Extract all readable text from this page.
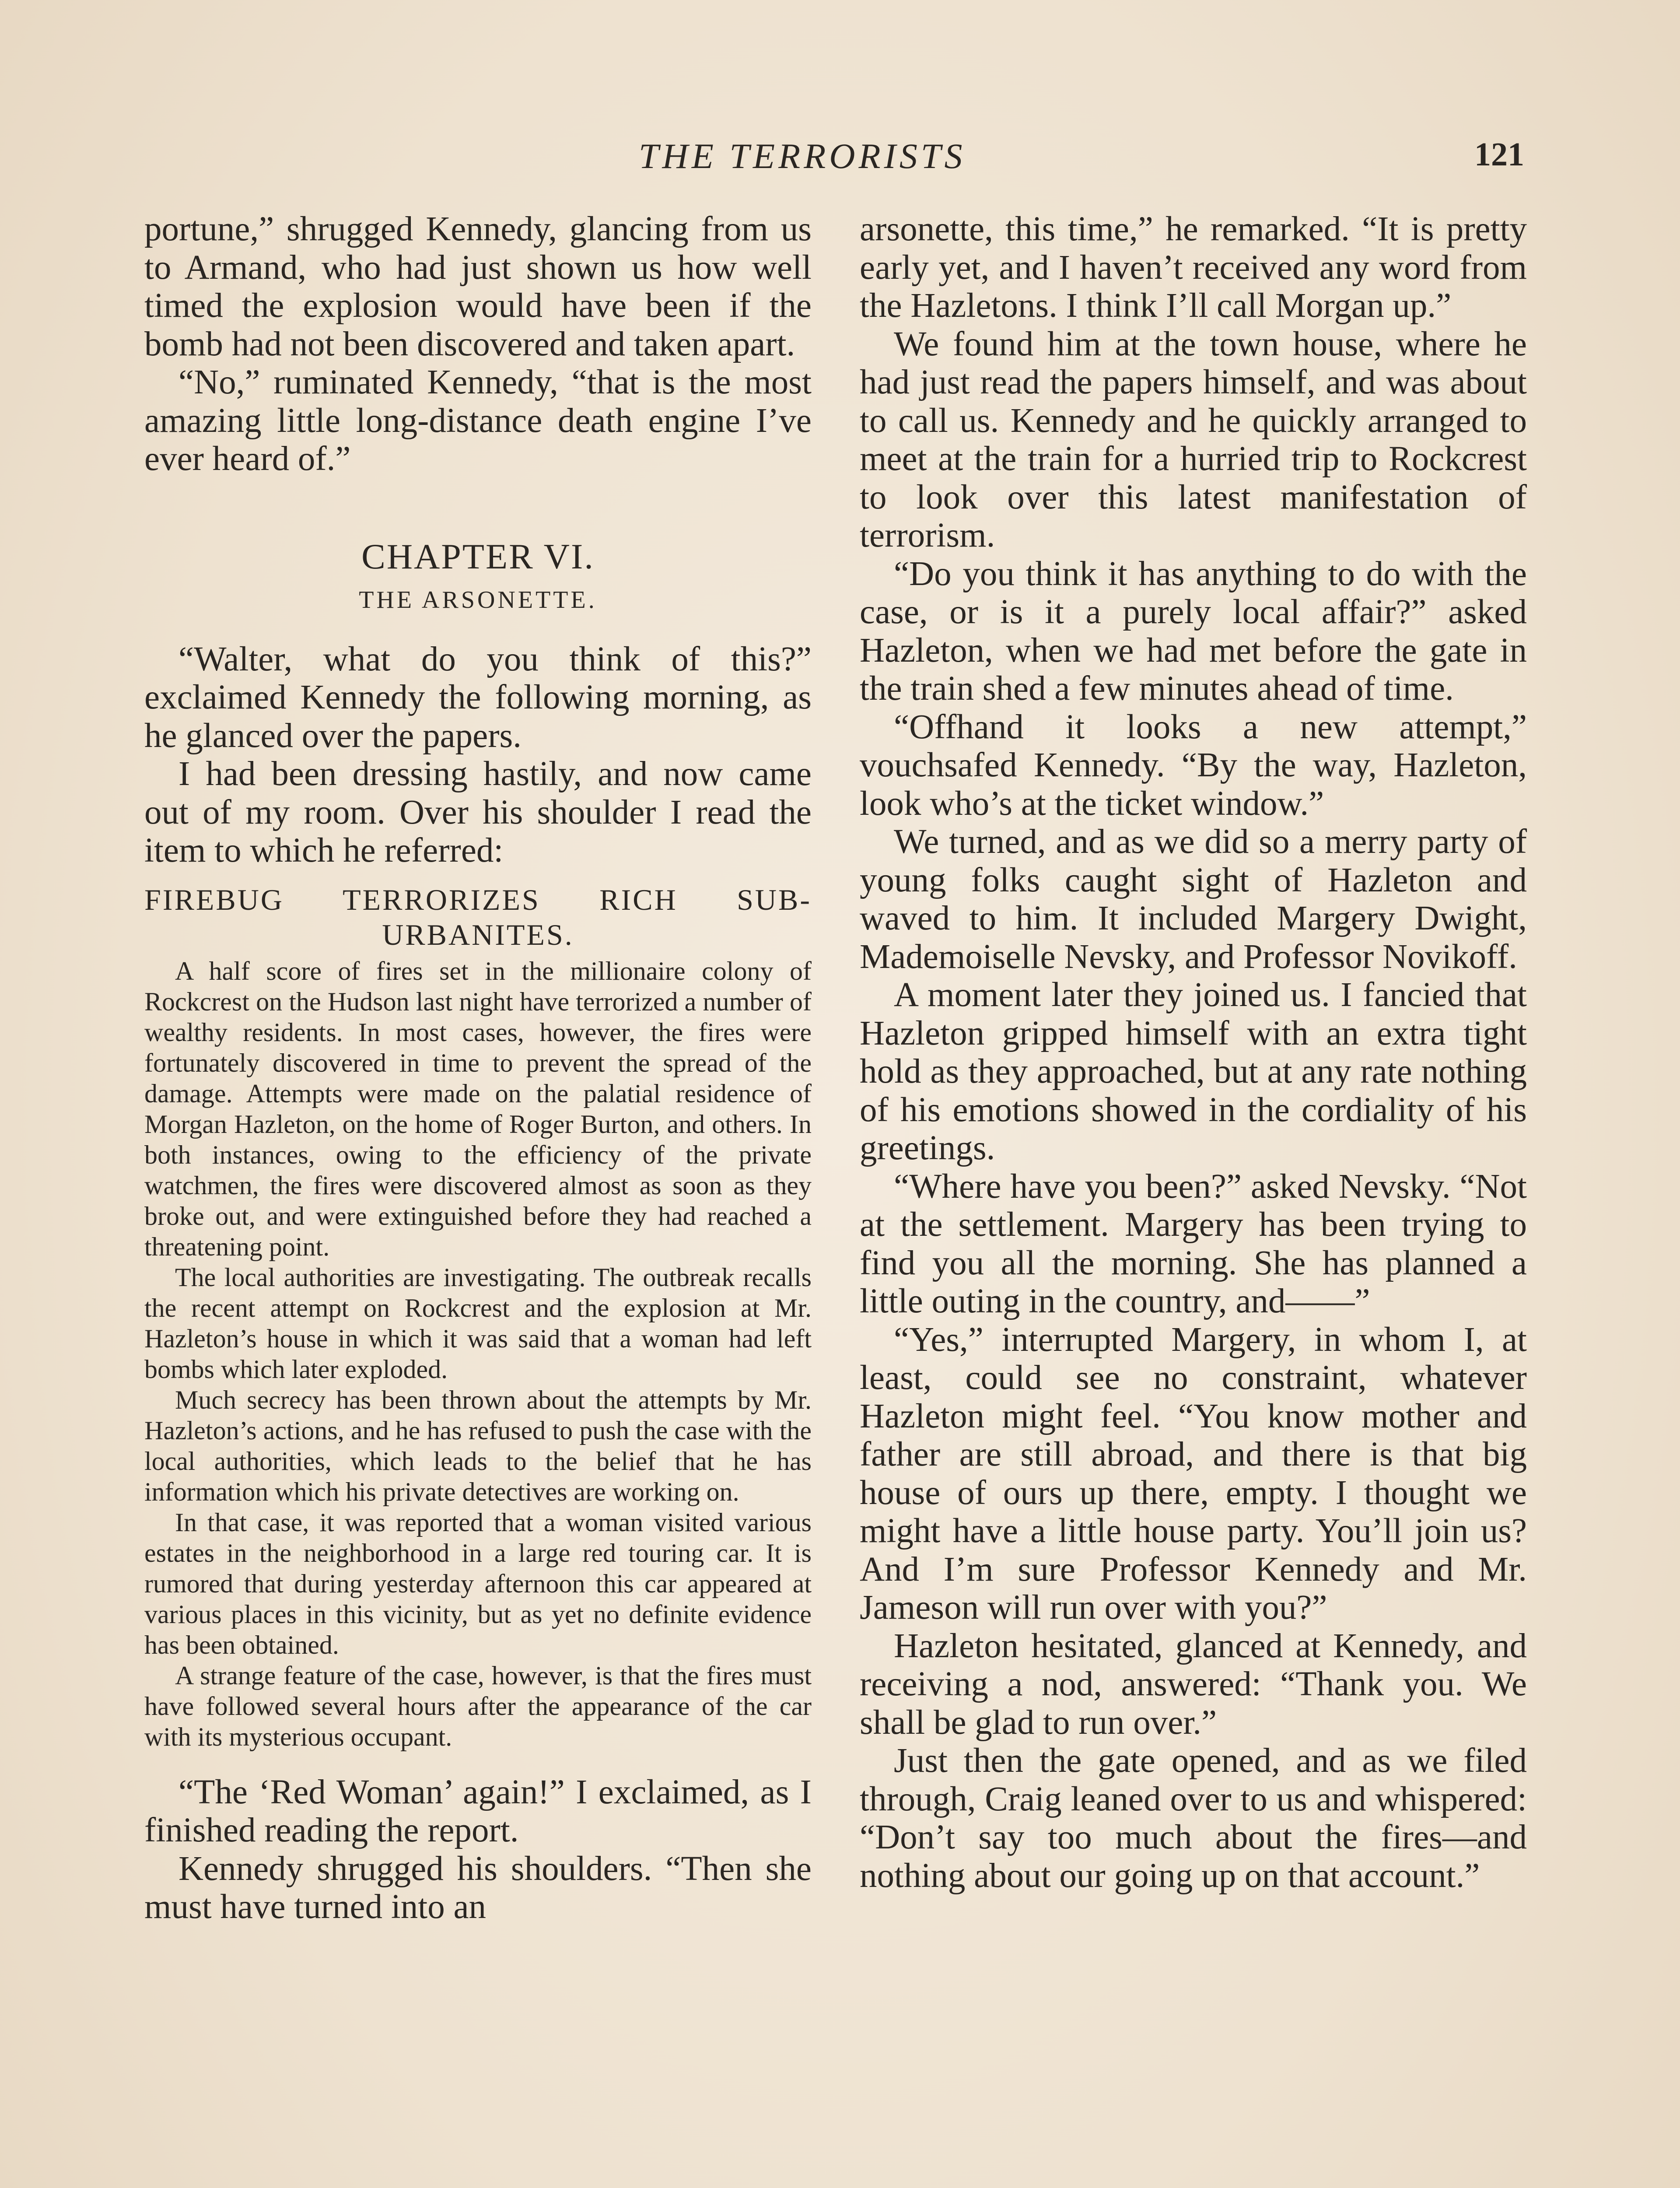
THE TERRORISTS	121

portune,” shrugged Kennedy, glancing from us to Armand, who had just shown us how well timed the explosion would have been if the bomb had not been discovered and taken apart.

“No,” ruminated Kennedy, “that is the most amazing little long-distance death engine I’ve ever heard of.”

CHAPTER VI.
THE ARSONETTE.

“Walter, what do you think of this?” exclaimed Kennedy the following morning, as he glanced over the papers.

I had been dressing hastily, and now came out of my room. Over his shoulder I read the item to which he referred:

FIREBUG TERRORIZES RICH SUB-
URBANITES.

A half score of fires set in the millionaire colony of Rockcrest on the Hudson last night have terrorized a number of wealthy residents. In most cases, however, the fires were fortunately discovered in time to prevent the spread of the damage. Attempts were made on the palatial residence of Morgan Hazleton, on the home of Roger Burton, and others. In both instances, owing to the efficiency of the private watchmen, the fires were discovered almost as soon as they broke out, and were extinguished before they had reached a threatening point.

The local authorities are investigating. The outbreak recalls the recent attempt on Rockcrest and the explosion at Mr. Hazleton’s house in which it was said that a woman had left bombs which later exploded.

Much secrecy has been thrown about the attempts by Mr. Hazleton’s actions, and he has refused to push the case with the local authorities, which leads to the belief that he has information which his private detectives are working on.

In that case, it was reported that a woman visited various estates in the neighborhood in a large red touring car. It is rumored that during yesterday afternoon this car appeared at various places in this vicinity, but as yet no definite evidence has been obtained.

A strange feature of the case, however, is that the fires must have followed several hours after the appearance of the car with its mysterious occupant.

“The ‘Red Woman’ again!” I exclaimed, as I finished reading the report.

Kennedy shrugged his shoulders. “Then she must have turned into an

arsonette, this time,” he remarked. “It is pretty early yet, and I haven’t received any word from the Hazletons. I think I’ll call Morgan up.”

We found him at the town house, where he had just read the papers himself, and was about to call us. Kennedy and he quickly arranged to meet at the train for a hurried trip to Rockcrest to look over this latest manifestation of terrorism.

“Do you think it has anything to do with the case, or is it a purely local affair?” asked Hazleton, when we had met before the gate in the train shed a few minutes ahead of time.

“Offhand it looks a new attempt,” vouchsafed Kennedy. “By the way, Hazleton, look who’s at the ticket window.”

We turned, and as we did so a merry party of young folks caught sight of Hazleton and waved to him. It included Margery Dwight, Mademoiselle Nevsky, and Professor Novikoff.

A moment later they joined us. I fancied that Hazleton gripped himself with an extra tight hold as they approached, but at any rate nothing of his emotions showed in the cordiality of his greetings.

“Where have you been?” asked Nevsky. “Not at the settlement. Margery has been trying to find you all the morning. She has planned a little outing in the country, and——”

“Yes,” interrupted Margery, in whom I, at least, could see no constraint, whatever Hazleton might feel. “You know mother and father are still abroad, and there is that big house of ours up there, empty. I thought we might have a little house party. You’ll join us? And I’m sure Professor Kennedy and Mr. Jameson will run over with you?”

Hazleton hesitated, glanced at Kennedy, and receiving a nod, answered: “Thank you. We shall be glad to run over.”

Just then the gate opened, and as we filed through, Craig leaned over to us and whispered: “Don’t say too much about the fires—and nothing about our going up on that account.”
